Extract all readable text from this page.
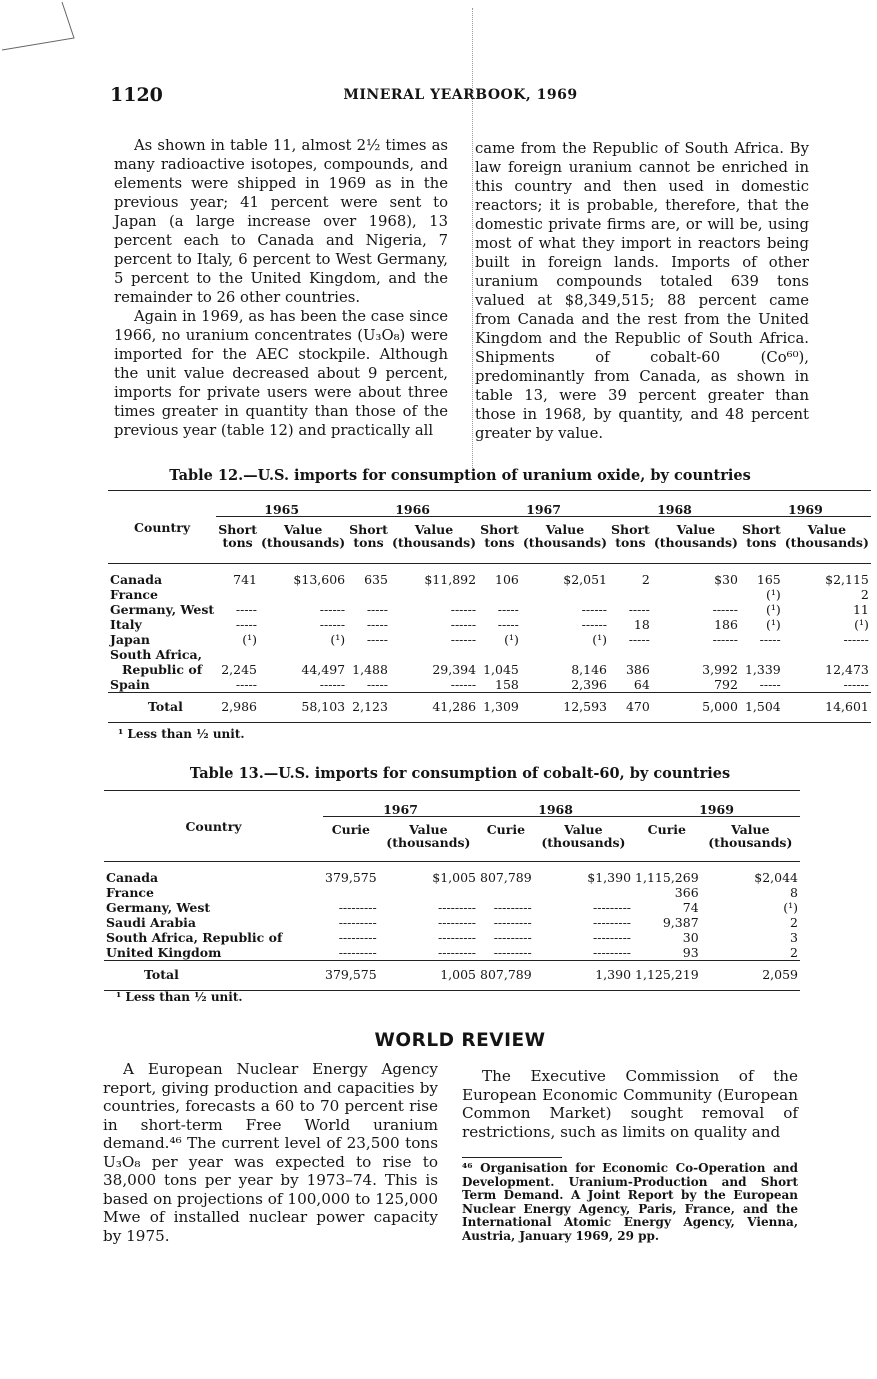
1120	MINERAL YEARBOOK, 1969

As shown in table 11, almost 2½ times as many radioactive isotopes, compounds, and elements were shipped in 1969 as in the previous year; 41 percent were sent to Japan (a large increase over 1968), 13 percent each to Canada and Nigeria, 7 percent to Italy, 6 percent to West Germany, 5 percent to the United Kingdom, and the remainder to 26 other countries.

Again in 1969, as has been the case since 1966, no uranium concentrates (U₃O₈) were imported for the AEC stockpile. Although the unit value decreased about 9 percent, imports for private users were about three times greater in quantity than those of the previous year (table 12) and practically all

came from the Republic of South Africa. By law foreign uranium cannot be enriched in this country and then used in domestic reactors; it is probable, therefore, that the domestic private firms are, or will be, using most of what they import in reactors being built in foreign lands. Imports of other uranium compounds totaled 639 tons valued at $8,349,515; 88 percent came from Canada and the rest from the United Kingdom and the Republic of South Africa. Shipments of cobalt-60 (Co⁶⁰), predominantly from Canada, as shown in table 13, were 39 percent greater than those in 1968, by quantity, and 48 percent greater by value.

Table 12.—U.S. imports for consumption of uranium oxide, by countries
Country	1965		1966		1967		1968		1969	
	Short tons	Value (thousands)	Short tons	Value (thousands)	Short tons	Value (thousands)	Short tons	Value (thousands)	Short tons	Value (thousands)
Canada	741	$13,606	635	$11,892	106	$2,051	2	$30	165	$2,115
France									(¹)	2
Germany, West	-----	------	-----	------	-----	------	-----	------	(¹)	11
Italy	-----	------	-----	------	-----	------	18	186	(¹)	(¹)
Japan	(¹)	(¹)	-----	------	(¹)	(¹)	-----	------	-----	------
South Africa,										
Republic of	2,245	44,497	1,488	29,394	1,045	8,146	386	3,992	1,339	12,473
Spain	-----	------	-----	------	158	2,396	64	792	-----	------
Total	2,986	58,103	2,123	41,286	1,309	12,593	470	5,000	1,504	14,601
¹ Less than ½ unit.
Table 13.—U.S. imports for consumption of cobalt-60, by countries
Country	1967		1968		1969	
	Curie	Value (thousands)	Curie	Value (thousands)	Curie	Value (thousands)
Canada	379,575	$1,005	807,789	$1,390	1,115,269	$2,044
France					366	8
Germany, West	---------	---------	---------	---------	74	(¹)
Saudi Arabia	---------	---------	---------	---------	9,387	2
South Africa, Republic of	---------	---------	---------	---------	30	3
United Kingdom	---------	---------	---------	---------	93	2
Total	379,575	1,005	807,789	1,390	1,125,219	2,059
¹ Less than ½ unit.
WORLD REVIEW

A European Nuclear Energy Agency report, giving production and capacities by countries, forecasts a 60 to 70 percent rise in short-term Free World uranium demand.⁴⁶ The current level of 23,500 tons U₃O₈ per year was expected to rise to 38,000 tons per year by 1973–74. This is based on projections of 100,000 to 125,000 Mwe of installed nuclear power capacity by 1975.

The Executive Commission of the European Economic Community (European Common Market) sought removal of restrictions, such as limits on quality and

⁴⁶ Organisation for Economic Co-Operation and Development. Uranium-Production and Short Term Demand. A Joint Report by the European Nuclear Energy Agency, Paris, France, and the International Atomic Energy Agency, Vienna, Austria, January 1969, 29 pp.
